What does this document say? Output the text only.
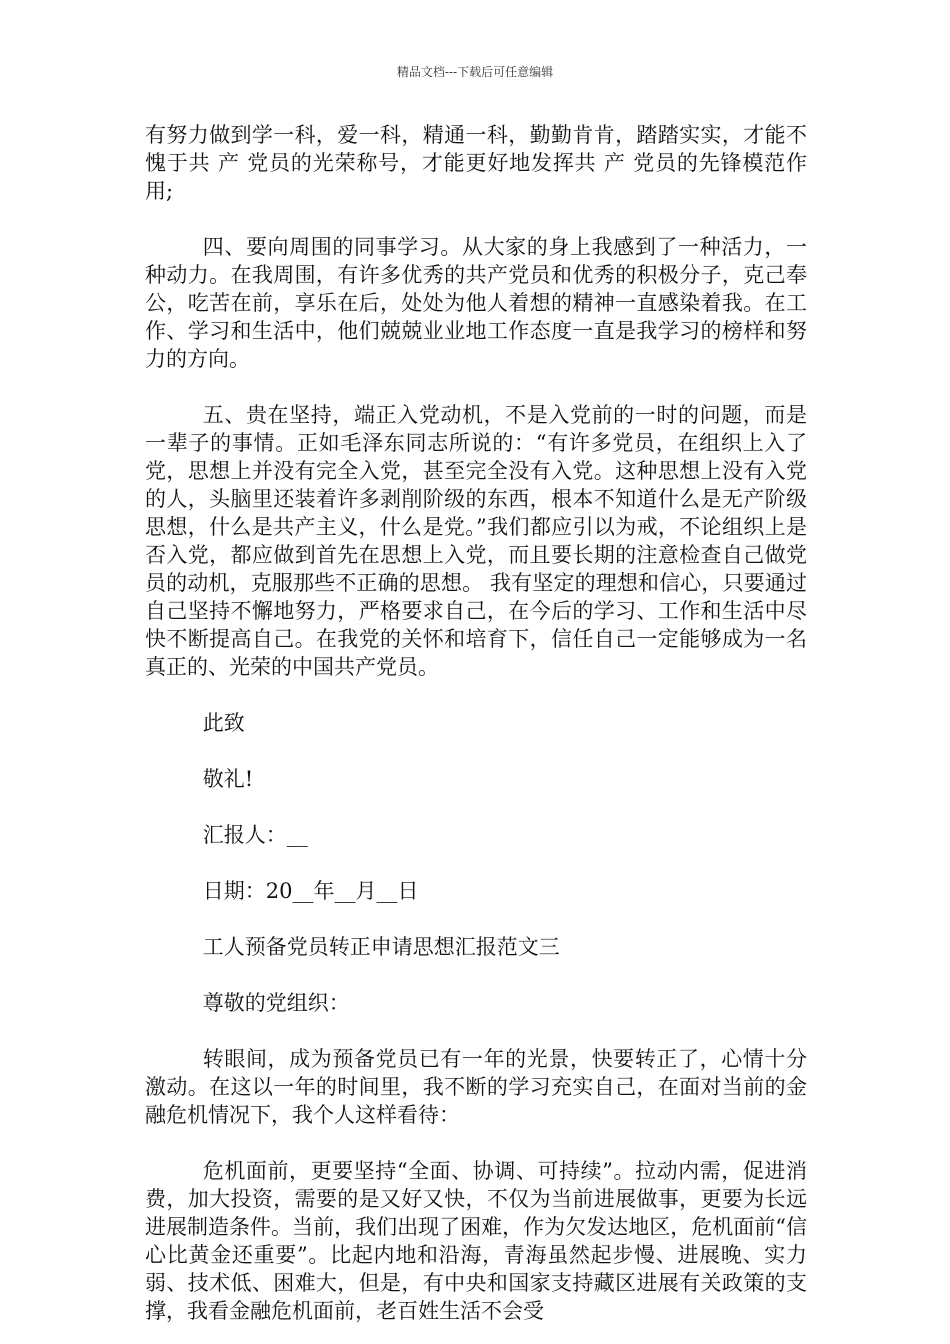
精品文档---下载后可任意编辑

有努力做到学一科，爱一科，精通一科，勤勤肯肯，踏踏实实，才能不愧于共 产 党员的光荣称号，才能更好地发挥共 产 党员的先锋模范作用;

四、要向周围的同事学习。从大家的身上我感到了一种活力，一种动力。在我周围，有许多优秀的共产党员和优秀的积极分子，克己奉公，吃苦在前，享乐在后，处处为他人着想的精神一直感染着我。在工作、学习和生活中，他们兢兢业业地工作态度一直是我学习的榜样和努力的方向。

五、贵在坚持，端正入党动机，不是入党前的一时的问题，而是一辈子的事情。正如毛泽东同志所说的：“有许多党员，在组织上入了党，思想上并没有完全入党，甚至完全没有入党。这种思想上没有入党的人，头脑里还装着许多剥削阶级的东西，根本不知道什么是无产阶级思想，什么是共产主义，什么是党。”我们都应引以为戒，不论组织上是否入党，都应做到首先在思想上入党，而且要长期的注意检查自己做党员的动机，克服那些不正确的思想。 我有坚定的理想和信心，只要通过自己坚持不懈地努力，严格要求自己，在今后的学习、工作和生活中尽快不断提高自己。在我党的关怀和培育下，信任自己一定能够成为一名真正的、光荣的中国共产党员。

此致

敬礼!

汇报人：__

日期：20__年__月__日

工人预备党员转正申请思想汇报范文三

尊敬的党组织：

转眼间，成为预备党员已有一年的光景，快要转正了，心情十分激动。在这以一年的时间里，我不断的学习充实自己，在面对当前的金融危机情况下，我个人这样看待：

危机面前，更要坚持“全面、协调、可持续”。拉动内需，促进消费，加大投资，需要的是又好又快，不仅为当前进展做事，更要为长远进展制造条件。当前，我们出现了困难，作为欠发达地区，危机面前“信心比黄金还重要”。比起内地和沿海，青海虽然起步慢、进展晚、实力弱、技术低、困难大，但是，有中央和国家支持藏区进展有关政策的支撑，我看金融危机面前，老百姓生活不会受
